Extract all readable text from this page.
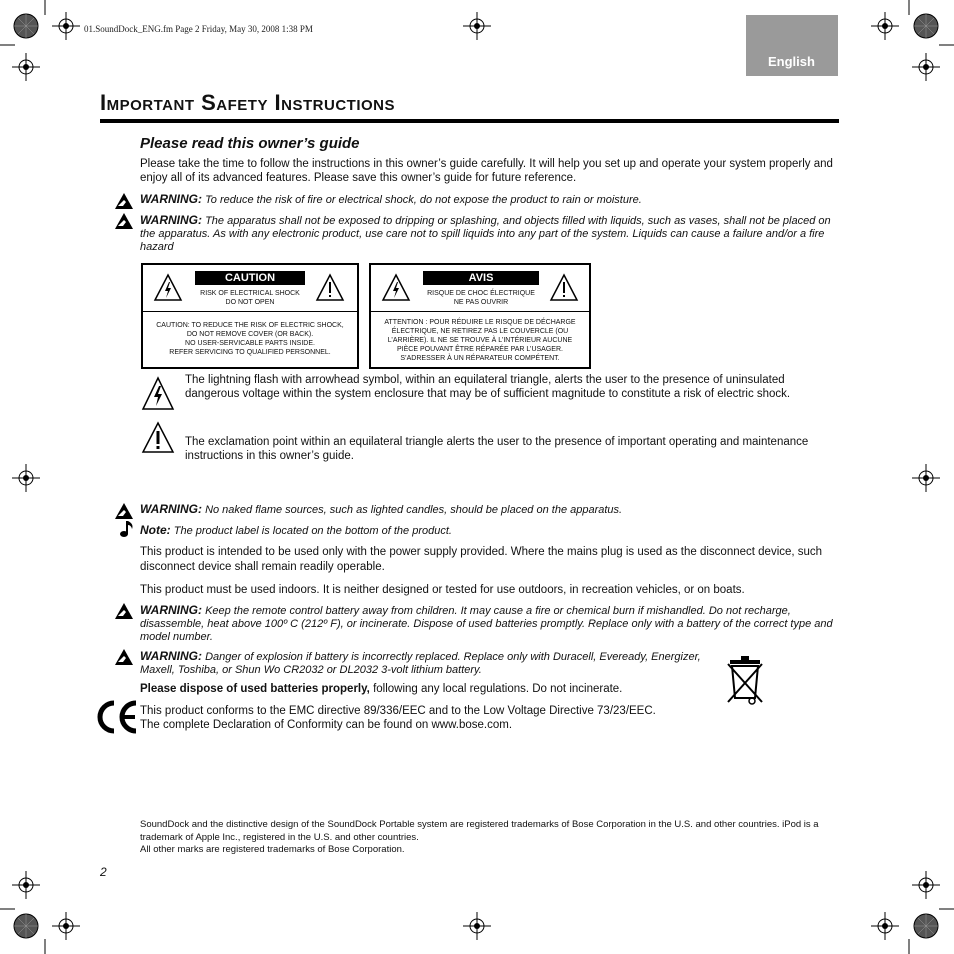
01.SoundDock_ENG.fm Page 2 Friday, May 30, 2008 1:38 PM
English
Important Safety Instructions
Please read this owner’s guide
Please take the time to follow the instructions in this owner’s guide carefully. It will help you set up and operate your system properly and enjoy all of its advanced features. Please save this owner’s guide for future reference.
WARNING: To reduce the risk of fire or electrical shock, do not expose the product to rain or moisture.
WARNING: The apparatus shall not be exposed to dripping or splashing, and objects filled with liquids, such as vases, shall not be placed on the apparatus. As with any electronic product, use care not to spill liquids into any part of the system. Liquids can cause a failure and/or a fire hazard
CAUTION
RISK OF ELECTRICAL SHOCK DO NOT OPEN
CAUTION: TO REDUCE THE RISK OF ELECTRIC SHOCK,
DO NOT REMOVE COVER (OR BACK).
NO USER-SERVICABLE PARTS INSIDE.
REFER SERVICING TO QUALIFIED PERSONNEL.
AVIS
RISQUE DE CHOC ÉLECTRIQUE NE PAS OUVRIR
ATTENTION : POUR RÉDUIRE LE RISQUE DE DÉCHARGE
ÉLECTRIQUE, NE RETIREZ PAS LE COUVERCLE (OU
L’ARRIÈRE). IL NE SE TROUVE À L’INTÉRIEUR AUCUNE
PIÈCE POUVANT ÊTRE RÉPARÉE PAR L’USAGER.
S’ADRESSER À UN RÉPARATEUR COMPÉTENT.
The lightning flash with arrowhead symbol, within an equilateral triangle, alerts the user to the presence of uninsulated dangerous voltage within the system enclosure that may be of sufficient magnitude to constitute a risk of electric shock.
The exclamation point within an equilateral triangle alerts the user to the presence of important operating and maintenance instructions in this owner’s guide.
WARNING: No naked flame sources, such as lighted candles, should be placed on the apparatus.
Note: The product label is located on the bottom of the product.
This product is intended to be used only with the power supply provided. Where the mains plug is used as the disconnect device, such disconnect device shall remain readily operable.
This product must be used indoors. It is neither designed or tested for use outdoors, in recreation vehicles, or on boats.
WARNING: Keep the remote control battery away from children. It may cause a fire or chemical burn if mishandled. Do not recharge, disassemble, heat above 100º C (212º F), or incinerate. Dispose of used batteries promptly. Replace only with a battery of the correct type and model number.
WARNING: Danger of explosion if battery is incorrectly replaced. Replace only with Duracell, Eveready, Energizer, Maxell, Toshiba, or Shun Wo CR2032 or DL2032 3-volt lithium battery.
Please dispose of used batteries properly, following any local regulations. Do not incinerate.
This product conforms to the EMC directive 89/336/EEC and to the Low Voltage Directive 73/23/EEC.
The complete Declaration of Conformity can be found on www.bose.com.
SoundDock and the distinctive design of the SoundDock Portable system are registered trademarks of Bose Corporation in the U.S. and other countries. iPod is a trademark of Apple Inc., registered in the U.S. and other countries.
All other marks are registered trademarks of Bose Corporation.
2
